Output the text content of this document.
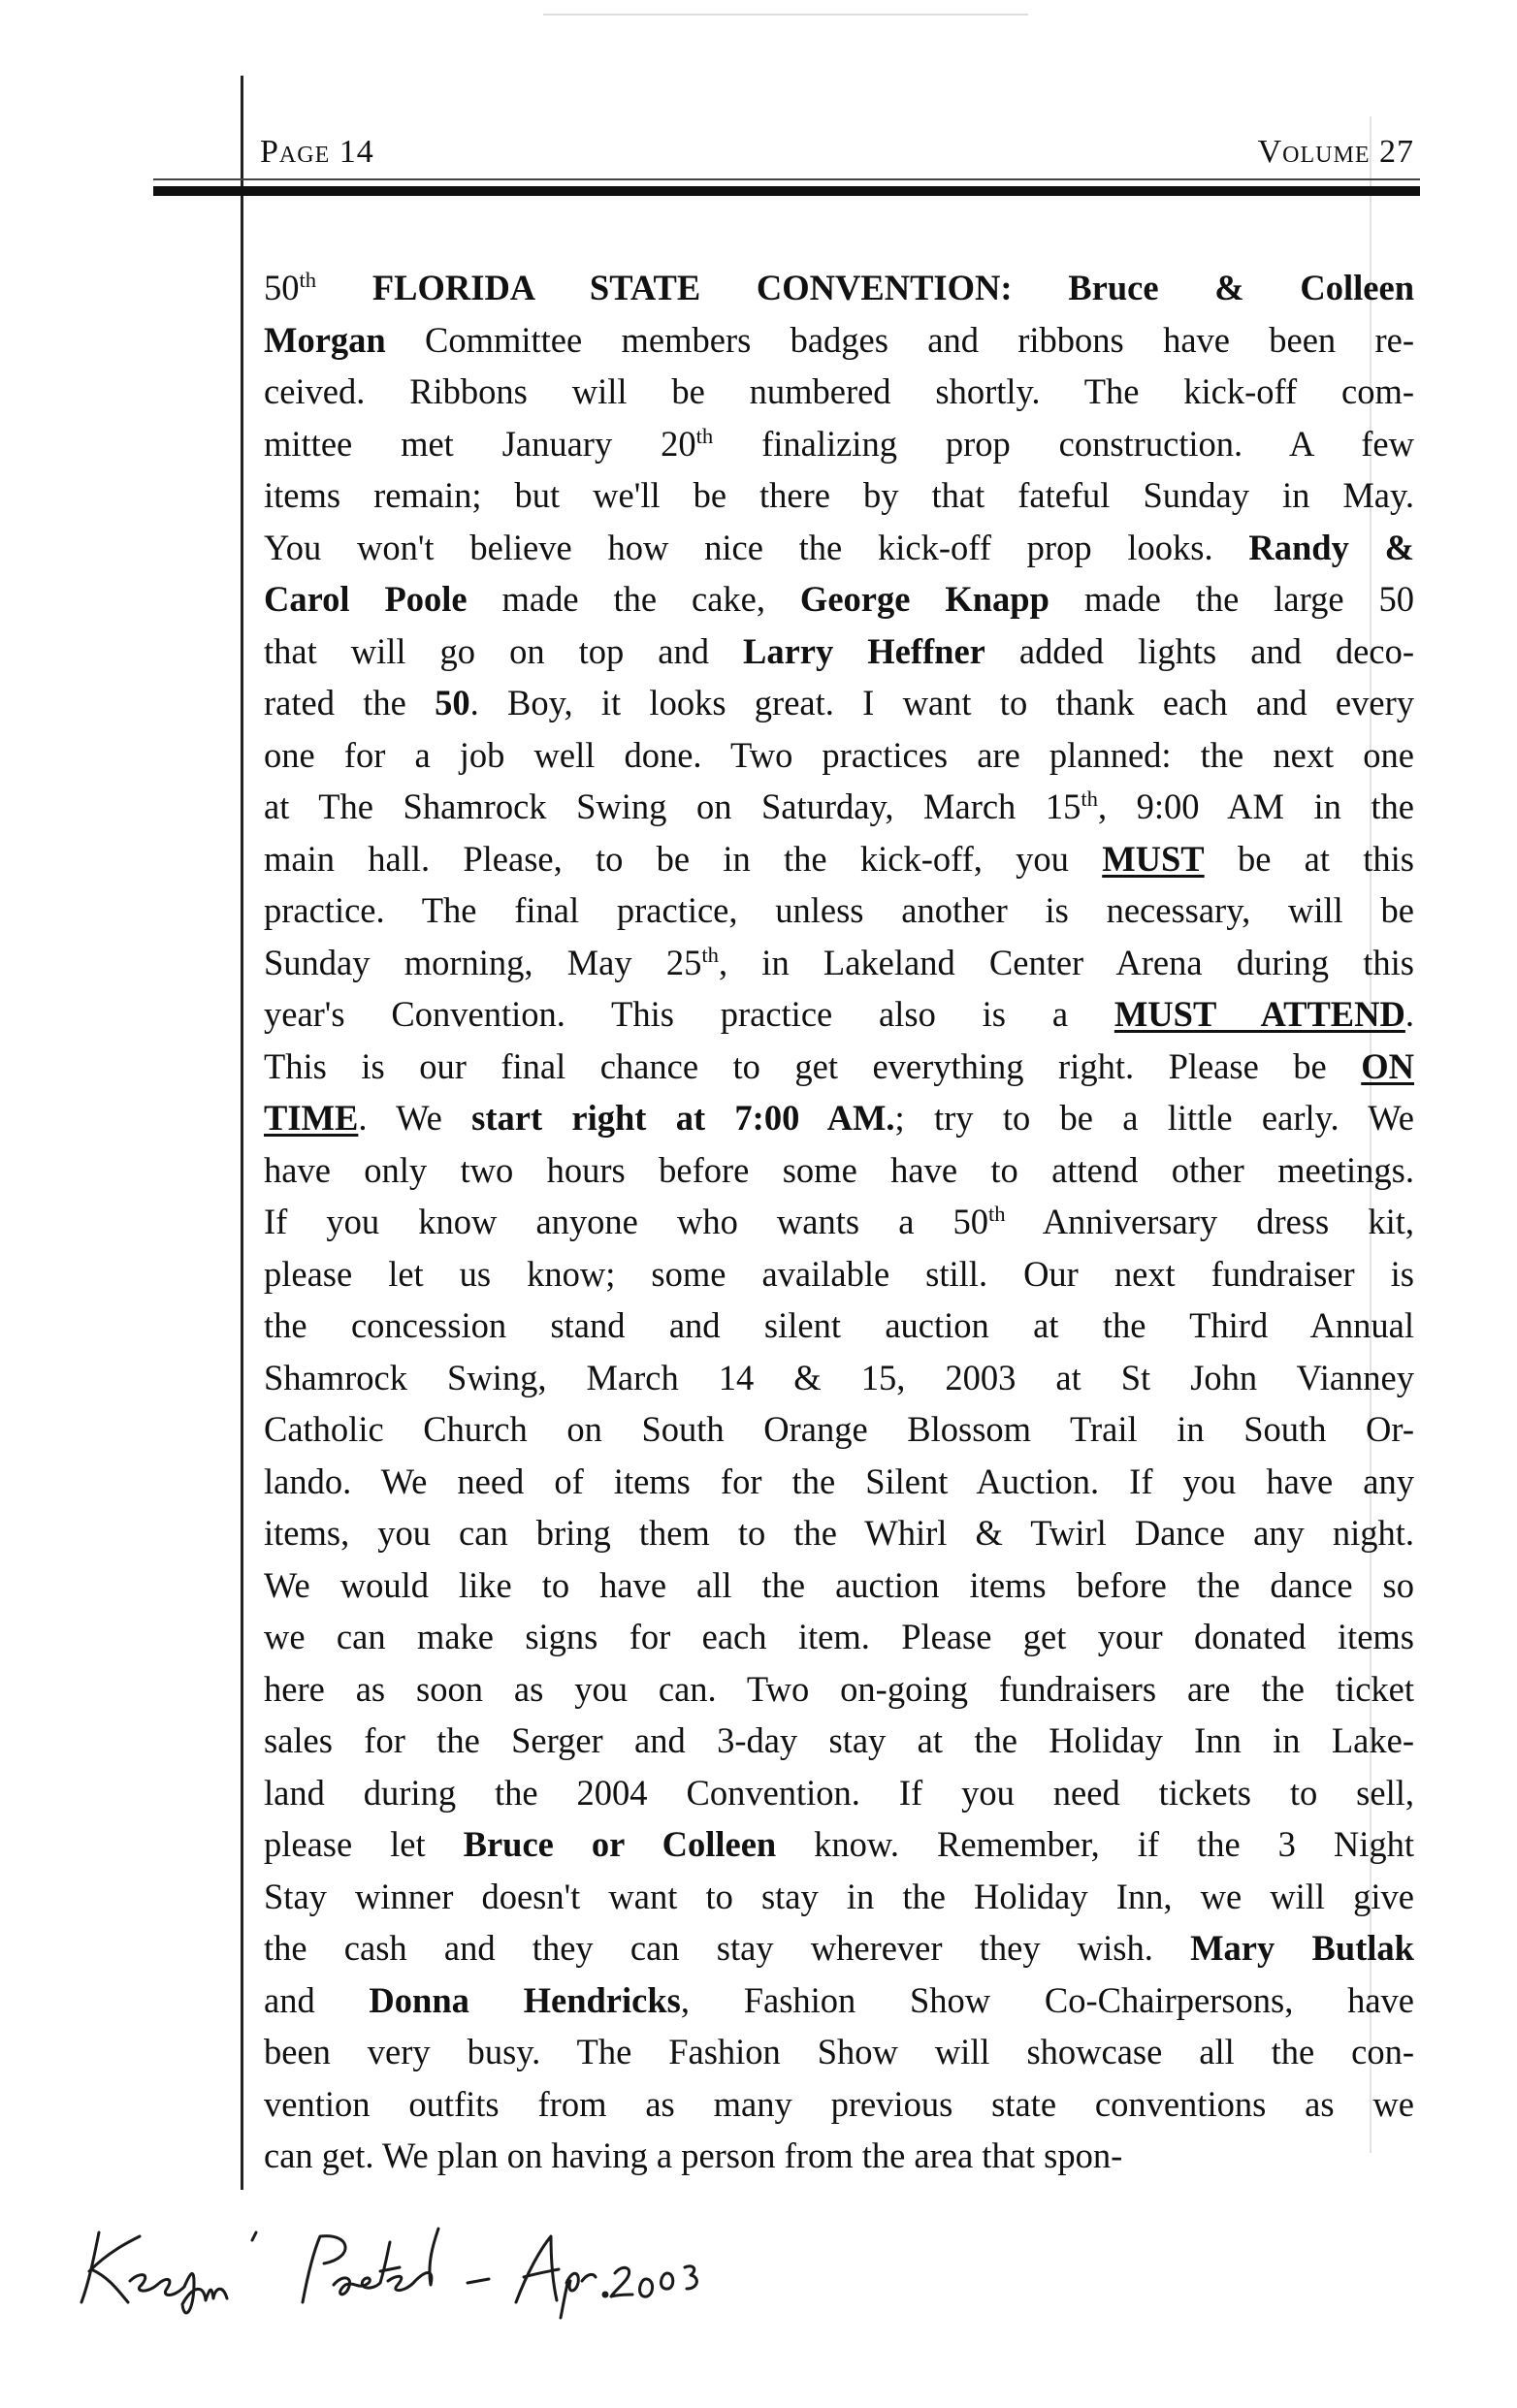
Page 14	Volume 27
50th FLORIDA STATE CONVENTION: Bruce & Colleen
Morgan Committee members badges and ribbons have been re-
ceived. Ribbons will be numbered shortly. The kick-off com-
mittee met January 20th finalizing prop construction. A few
items remain; but we'll be there by that fateful Sunday in May.
You won't believe how nice the kick-off prop looks. Randy &
Carol Poole made the cake, George Knapp made the large 50
that will go on top and Larry Heffner added lights and deco-
rated the 50. Boy, it looks great. I want to thank each and every
one for a job well done. Two practices are planned: the next one
at The Shamrock Swing on Saturday, March 15th, 9:00 AM in the
main hall. Please, to be in the kick-off, you MUST be at this
practice. The final practice, unless another is necessary, will be
Sunday morning, May 25th, in Lakeland Center Arena during this
year's Convention. This practice also is a MUST ATTEND.
This is our final chance to get everything right. Please be ON
TIME. We start right at 7:00 AM.; try to be a little early. We
have only two hours before some have to attend other meetings.
If you know anyone who wants a 50th Anniversary dress kit,
please let us know; some available still. Our next fundraiser is
the concession stand and silent auction at the Third Annual
Shamrock Swing, March 14 & 15, 2003 at St John Vianney
Catholic Church on South Orange Blossom Trail in South Or-
lando. We need of items for the Silent Auction. If you have any
items, you can bring them to the Whirl & Twirl Dance any night.
We would like to have all the auction items before the dance so
we can make signs for each item. Please get your donated items
here as soon as you can. Two on-going fundraisers are the ticket
sales for the Serger and 3-day stay at the Holiday Inn in Lake-
land during the 2004 Convention. If you need tickets to sell,
please let Bruce or Colleen know. Remember, if the 3 Night
Stay winner doesn't want to stay in the Holiday Inn, we will give
the cash and they can stay wherever they wish. Mary Butlak
and Donna Hendricks, Fashion Show Co-Chairpersons, have
been very busy. The Fashion Show will showcase all the con-
vention outfits from as many previous state conventions as we
can get. We plan on having a person from the area that spon-
